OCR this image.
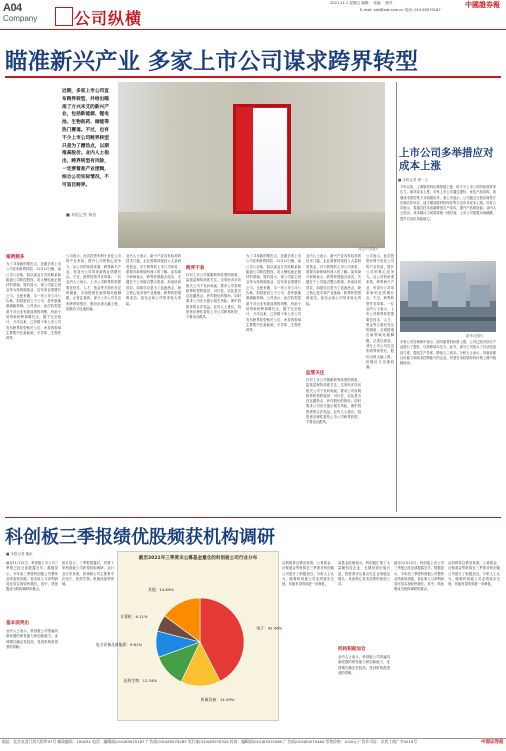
A04
Company 公司纵横
2021.11.1 星期五 编辑： 美编： 校对：	中國證券報
E-mail: zzb@zzb.com.cn 电话: 010-63070187
瞄准新兴产业 多家上市公司谋求跨界转型
近期，多家上市公司宣布跨界转型，并给出瞄准了方兴未艾的新兴产业，包括新能源、锂电池、生物医药、储能等热门赛道。不过，也有不少上市公司跨界转型只是为了蹭热点，以期推高股价。业内人士指出，跨界转型有风险，一定要看准产业逻辑，综合公司实际情况，不可盲目跨界。
■ 本报记者 杨洁
视觉中国图片
案例频多
为了寻找新的增长点，近期多家上市公司宣布跨界转型。11月12日晚，某公司公告称，拟以现金方式收购某新能源公司的控股权，切入锂电池正极材料领域。资料显示，该公司原主营业务为传统制造业，近年来业绩增长乏力。无独有偶，另一家上市公司公告称，拟投资设立子公司，进军新能源储能领域。公司表示，此次转型是基于对行业发展前景的判断，有助于培育新的利润增长点。据不完全统计，今年以来，已有数十家上市公司发布跨界转型相关公告，涉及的领域主要集中在新能源、半导体、生物医药等。
公司表示，此次投资有利于优化公司的产业布局，提升公司的核心竞争力。从公司的角度来看，跨界新兴产业，有望为公司带来新的业绩增长点。不过，跨界转型并非易事。一位业内人士表示，上市公司跨界转型需要在技术、人才、资金等方面有充足的储备，否则很难在新领域站稳脚跟。记者注意到，部分上市公司在宣布跨界转型后，股价出现大幅上涨，但随后又迅速回落。
业内人士表示，新兴产业具有较高的技术门槛，企业需要持续投入大量研发资金。对于跨界的上市公司来说，需要对新领域有深入的了解。某券商分析师表示，跨界转型能否成功，关键在于公司能否整合资源，形成协同效应。如果仅仅是为了追逐热点，缺乏核心技术和产业基础，跨界转型很难成功，甚至会给公司带来较大风险。
跨界不易
针对上市公司频繁跨界转型的现象，监管层保持高度关注。交易所多次向相关公司下发问询函，要求公司说明跨界转型的原因、可行性，以及是否存在蹭热点、炒作股价的情形。同时要求公司充分提示相关风险，保护投资者的合法权益。业内人士建议，投资者应理性看待上市公司跨界转型，不要盲目跟风。
为了寻找新的增长点，近期多家上市公司宣布跨界转型。11月12日晚，某公司公告称，拟以现金方式收购某新能源公司的控股权，切入锂电池正极材料领域。资料显示，该公司原主营业务为传统制造业，近年来业绩增长乏力。无独有偶，另一家上市公司公告称，拟投资设立子公司，进军新能源储能领域。公司表示，此次转型是基于对行业发展前景的判断，有助于培育新的利润增长点。据不完全统计，今年以来，已有数十家上市公司发布跨界转型相关公告，涉及的领域主要集中在新能源、半导体、生物医药等。
监管关注
业内人士表示，新兴产业具有较高的技术门槛，企业需要持续投入大量研发资金。对于跨界的上市公司来说，需要对新领域有深入的了解。某券商分析师表示，跨界转型能否成功，关键在于公司能否整合资源，形成协同效应。如果仅仅是为了追逐热点，缺乏核心技术和产业基础，跨界转型很难成功，甚至会给公司带来较大风险。
针对上市公司频繁跨界转型的现象，监管层保持高度关注。交易所多次向相关公司下发问询函，要求公司说明跨界转型的原因、可行性，以及是否存在蹭热点、炒作股价的情形。同时要求公司充分提示相关风险，保护投资者的合法权益。业内人士建议，投资者应理性看待上市公司跨界转型，不要盲目跟风。
公司表示，此次投资有利于优化公司的产业布局，提升公司的核心竞争力。从公司的角度来看，跨界新兴产业，有望为公司带来新的业绩增长点。不过，跨界转型并非易事。一位业内人士表示，上市公司跨界转型需要在技术、人才、资金等方面有充足的储备，否则很难在新领域站稳脚跟。记者注意到，部分上市公司在宣布跨界转型后，股价出现大幅上涨，但随后又迅速回落。
上市公司多举措应对成本上涨
■ 本报记者 康一文
今年以来，上游原材料价格持续上涨，给不少上市公司的经营带来压力。面对成本上涨，多家上市公司通过提价、优化产品结构、加强成本管控等方式积极应对。某公司表示，公司通过与供应商签订长期合作协议、适当增加原材料库存等方式应对成本上涨。另有公司表示，将通过技术创新降低生产成本，提升产品附加值。业内人士指出，成本端压力或将持续一段时间，上市公司需要未雨绸缪，提升自身抗风险能力。
新华社图片
多家公司在调研中表示，面对原材料价格上涨，公司已经对部分产品进行了提价，以转移成本压力。此外，部分公司加大了自动化改造力度，提高生产效率，降低人工成本。分析人士表示，具备较强议价能力和成本控制能力的企业，有望在本轮原材料价格上涨中脱颖而出。
科创板三季报绩优股频获机构调研
■ 本报记者 董添
截至11月12日，科创板上市公司三季报已经全部披露完毕。数据显示，今年前三季度科创板公司整体业绩表现亮眼，营业收入与净利润同比均实现较快增长。其中，绩优股成为机构调研的重点。
基本面突出
业内人士表示，科创板公司普遍具备较强的研发能力和创新能力，业绩增长确定性较高，受到机构投资者的青睐。
统计显示，三季报披露后，有数十家科创板公司获得机构调研。从行业分布来看，获调研公司主要集中在电子、医药生物、机械设备等领域。
截至2021年三季度末公募基金重仓的科创板公司行业分布
电子：42.46%
机械设备：14.59%
医药生物：12.34%
电力设备及新能源：9.61%
计算机：6.11%
其他：14.89%
从机构持仓情况来看，公募基金、社保基金等机构在三季度对科创板公司进行了积极加仓。分析人士认为，随着科创板公司业绩逐步兑现，估值有望得到进一步修复。
某基金经理表示，科创板汇集了大量硬科技企业，长期投资价值凸显。投资者可以重点关注业绩稳定增长、具备核心技术优势的优质公司。
机构积极加仓
业内人士表示，科创板公司普遍具备较强的研发能力和创新能力，业绩增长确定性较高，受到机构投资者的青睐。
截至11月12日，科创板上市公司三季报已经全部披露完毕。数据显示，今年前三季度科创板公司整体业绩表现亮眼，营业收入与净利润同比均实现较快增长。其中，绩优股成为机构调研的重点。
从机构持仓情况来看，公募基金、社保基金等机构在三季度对科创板公司进行了积极加仓。分析人士认为，随着科创板公司业绩逐步兑现，估值有望得到进一步修复。
地址：北京宣武门西大街甲97号 邮政编码：100031 电话：编辑部(010)63070187 广告部(010)63070283 发行部(010)63070324 传真：编辑部(010)63070480 广告部(010)63070484 零售价格：4.00元 广告许可证：京西工商广字0019号	中国证券报
